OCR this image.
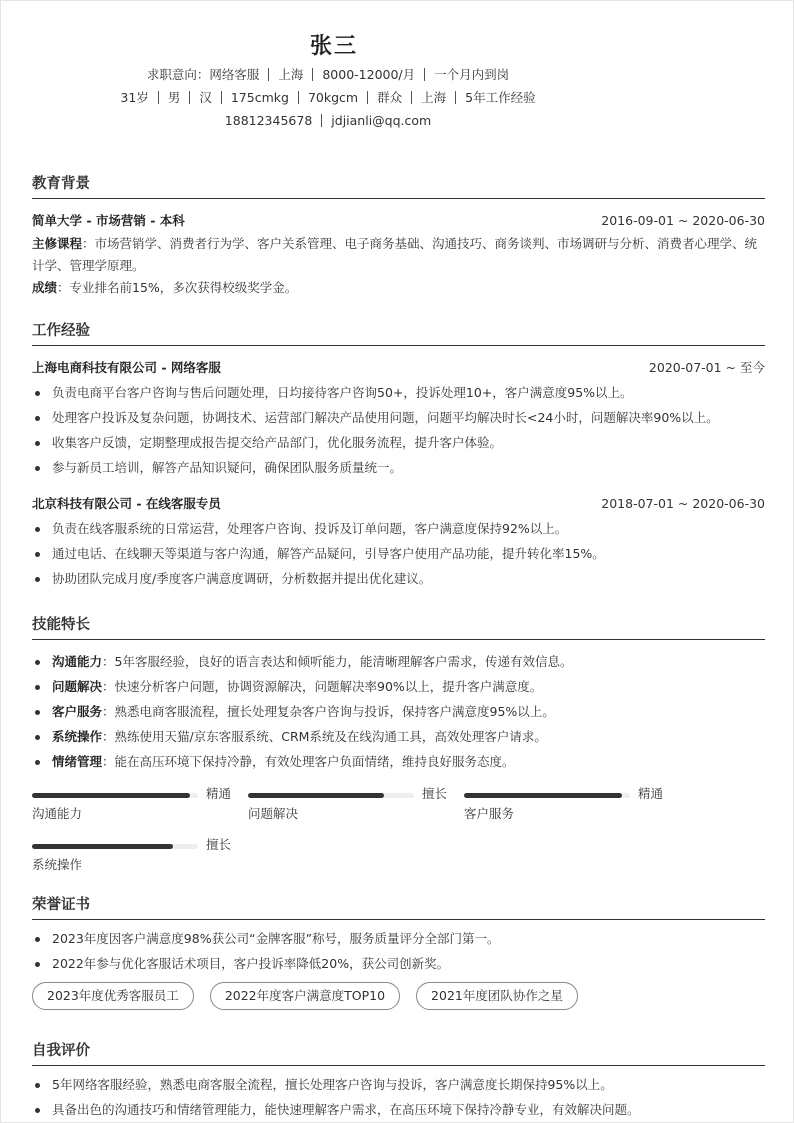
张三
求职意向：网络客服 上海 8000-12000/月 一个月内到岗
31岁 男 汉 175cmkg 70kgcm 群众 上海 5年工作经验
18812345678 jdjianli@qq.com
教育背景
简单大学 - 市场营销 - 本科	2016-09-01 ~ 2020-06-30
主修课程：市场营销学、消费者行为学、客户关系管理、电子商务基础、沟通技巧、商务谈判、市场调研与分析、消费者心理学、统计学、管理学原理。
成绩：专业排名前15%，多次获得校级奖学金。
工作经验
上海电商科技有限公司 - 网络客服	2020-07-01 ~ 至今
负责电商平台客户咨询与售后问题处理，日均接待客户咨询50+，投诉处理10+，客户满意度95%以上。
处理客户投诉及复杂问题，协调技术、运营部门解决产品使用问题，问题平均解决时长<24小时，问题解决率90%以上。
收集客户反馈，定期整理成报告提交给产品部门，优化服务流程，提升客户体验。
参与新员工培训，解答产品知识疑问，确保团队服务质量统一。
北京科技有限公司 - 在线客服专员	2018-07-01 ~ 2020-06-30
负责在线客服系统的日常运营，处理客户咨询、投诉及订单问题，客户满意度保持92%以上。
通过电话、在线聊天等渠道与客户沟通，解答产品疑问，引导客户使用产品功能，提升转化率15%。
协助团队完成月度/季度客户满意度调研，分析数据并提出优化建议。
技能特长
沟通能力：5年客服经验，良好的语言表达和倾听能力，能清晰理解客户需求，传递有效信息。
问题解决：快速分析客户问题，协调资源解决，问题解决率90%以上，提升客户满意度。
客户服务：熟悉电商客服流程，擅长处理复杂客户咨询与投诉，保持客户满意度95%以上。
系统操作：熟练使用天猫/京东客服系统、CRM系统及在线沟通工具，高效处理客户请求。
情绪管理：能在高压环境下保持冷静，有效处理客户负面情绪，维持良好服务态度。
精通
沟通能力
擅长
问题解决
精通
客户服务
擅长
系统操作
荣誉证书
2023年度因客户满意度98%获公司“金牌客服”称号，服务质量评分全部门第一。
2022年参与优化客服话术项目，客户投诉率降低20%，获公司创新奖。
2023年度优秀客服员工	2022年度客户满意度TOP10	2021年度团队协作之星
自我评价
5年网络客服经验，熟悉电商客服全流程，擅长处理客户咨询与投诉，客户满意度长期保持95%以上。
具备出色的沟通技巧和情绪管理能力，能快速理解客户需求，在高压环境下保持冷静专业，有效解决问题。
